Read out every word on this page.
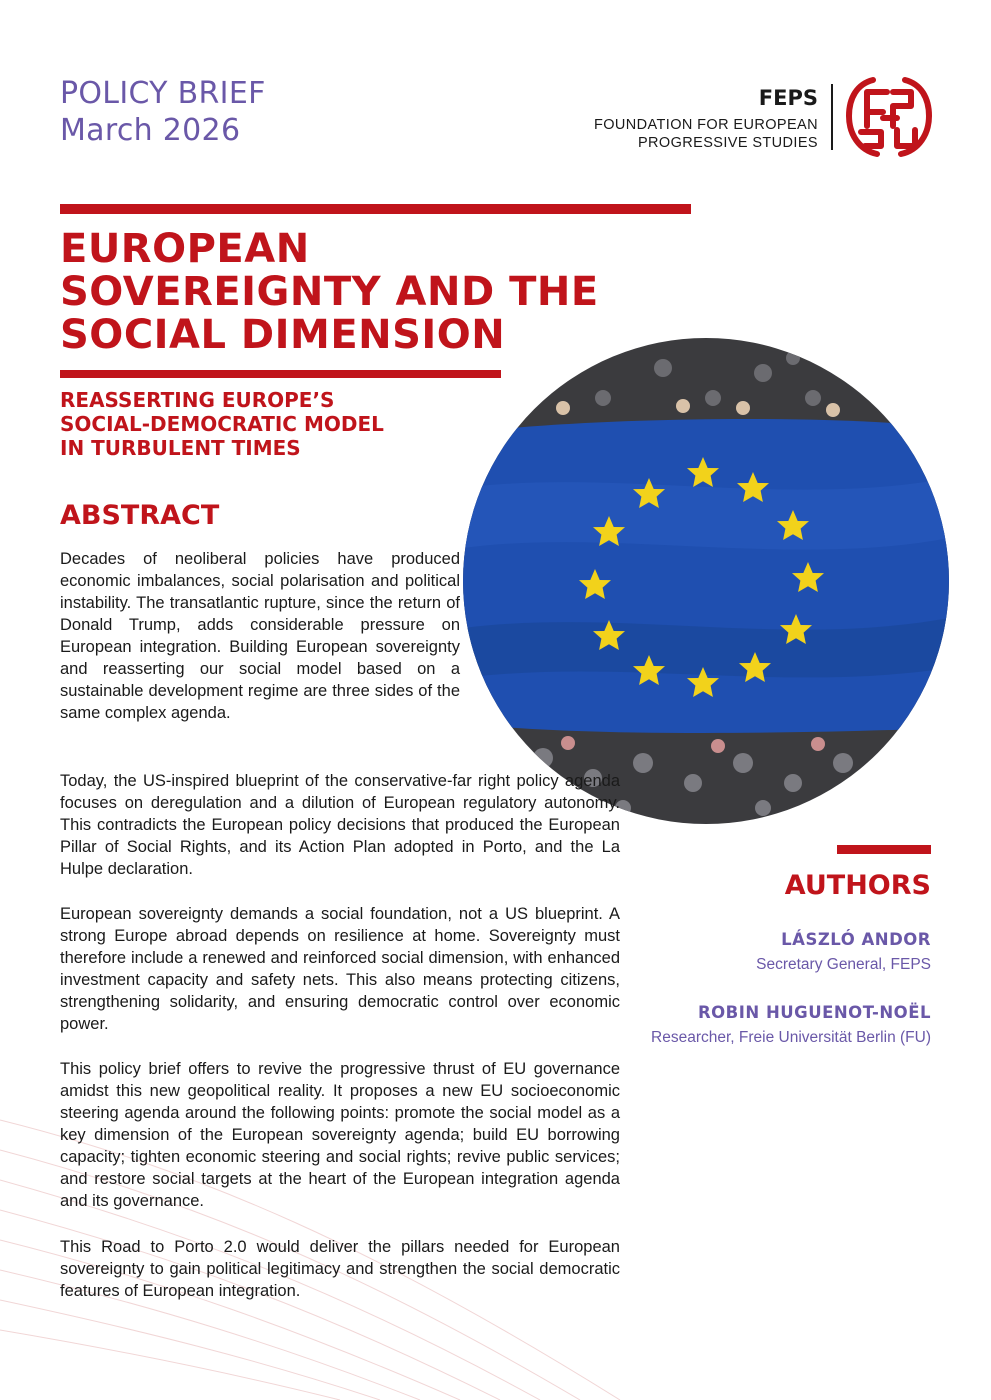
POLICY BRIEF
March 2026
FEPS
FOUNDATION FOR EUROPEAN
PROGRESSIVE STUDIES
EUROPEAN
SOVEREIGNTY AND THE
SOCIAL DIMENSION
REASSERTING EUROPE’S
SOCIAL-DEMOCRATIC MODEL
IN TURBULENT TIMES
ABSTRACT

Decades of neoliberal policies have produced economic imbalances, social polarisation and political instability. The transatlantic rupture, since the return of Donald Trump, adds considerable pressure on European integration. Building European sovereignty and reasserting our social model based on a sustainable development regime are three sides of the same complex agenda.

Today, the US-inspired blueprint of the conservative-far right policy agenda focuses on deregulation and a dilution of European regulatory autonomy. This contradicts the European policy decisions that produced the European Pillar of Social Rights, and its Action Plan adopted in Porto, and the La Hulpe declaration.

European sovereignty demands a social foundation, not a US blueprint. A strong Europe abroad depends on resilience at home. Sovereignty must therefore include a renewed and reinforced social dimension, with enhanced investment capacity and safety nets. This also means protecting citizens, strengthening solidarity, and ensuring democratic control over economic power.

This policy brief offers to revive the progressive thrust of EU governance amidst this new geopolitical reality. It proposes a new EU socioeconomic steering agenda around the following points: promote the social model as a key dimension of the European sovereignty agenda; build EU borrowing capacity; tighten economic steering and social rights; revive public services; and restore social targets at the heart of the European integration agenda and its governance.

This Road to Porto 2.0 would deliver the pillars needed for European sovereignty to gain political legitimacy and strengthen the social democratic features of European integration.

AUTHORS
LÁSZLÓ ANDOR
Secretary General, FEPS
ROBIN HUGUENOT-NOËL
Researcher, Freie Universität Berlin (FU)
